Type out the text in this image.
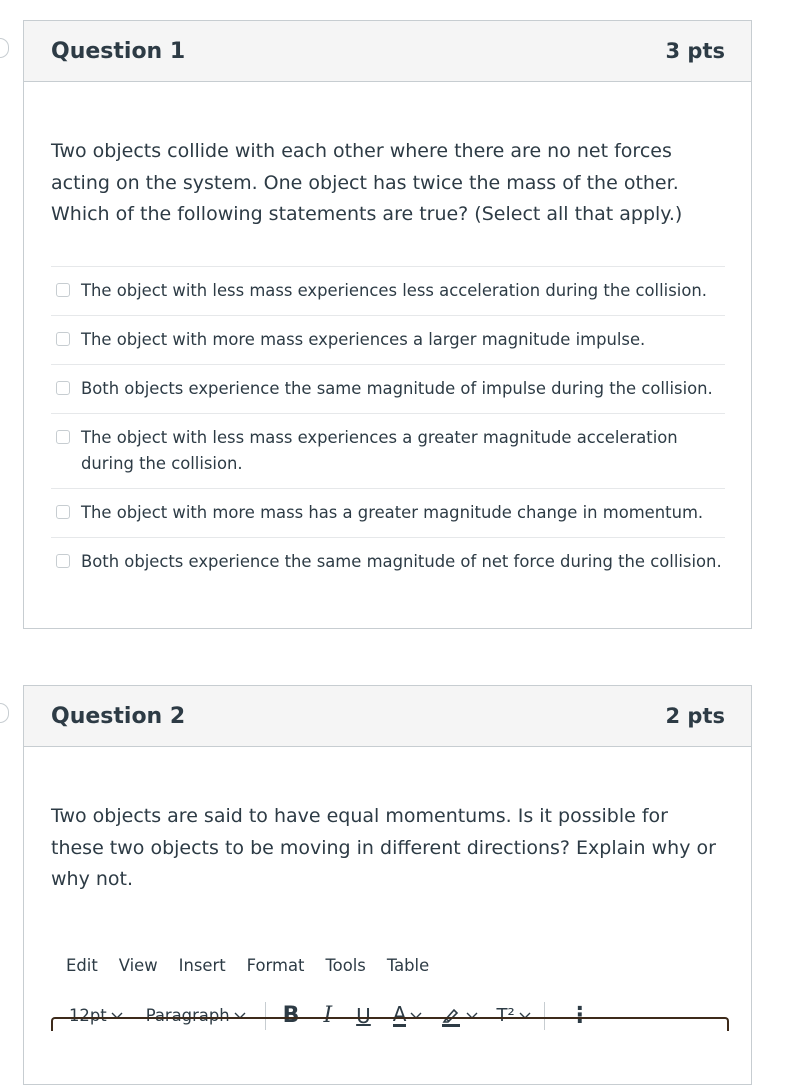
Question 1	3 pts

Two objects collide with each other where there are no net forces acting on the system. One object has twice the mass of the other. Which of the following statements are true? (Select all that apply.)

The object with less mass experiences less acceleration during the collision.
The object with more mass experiences a larger magnitude impulse.
Both objects experience the same magnitude of impulse during the collision.
The object with less mass experiences a greater magnitude acceleration during the collision.
The object with more mass has a greater magnitude change in momentum.
Both objects experience the same magnitude of net force during the collision.
Question 2	2 pts

Two objects are said to have equal momentums. Is it possible for these two objects to be moving in different directions? Explain why or why not.

Edit View Insert Format Tools Table
12pt Paragraph B I U A	T² ⋮
